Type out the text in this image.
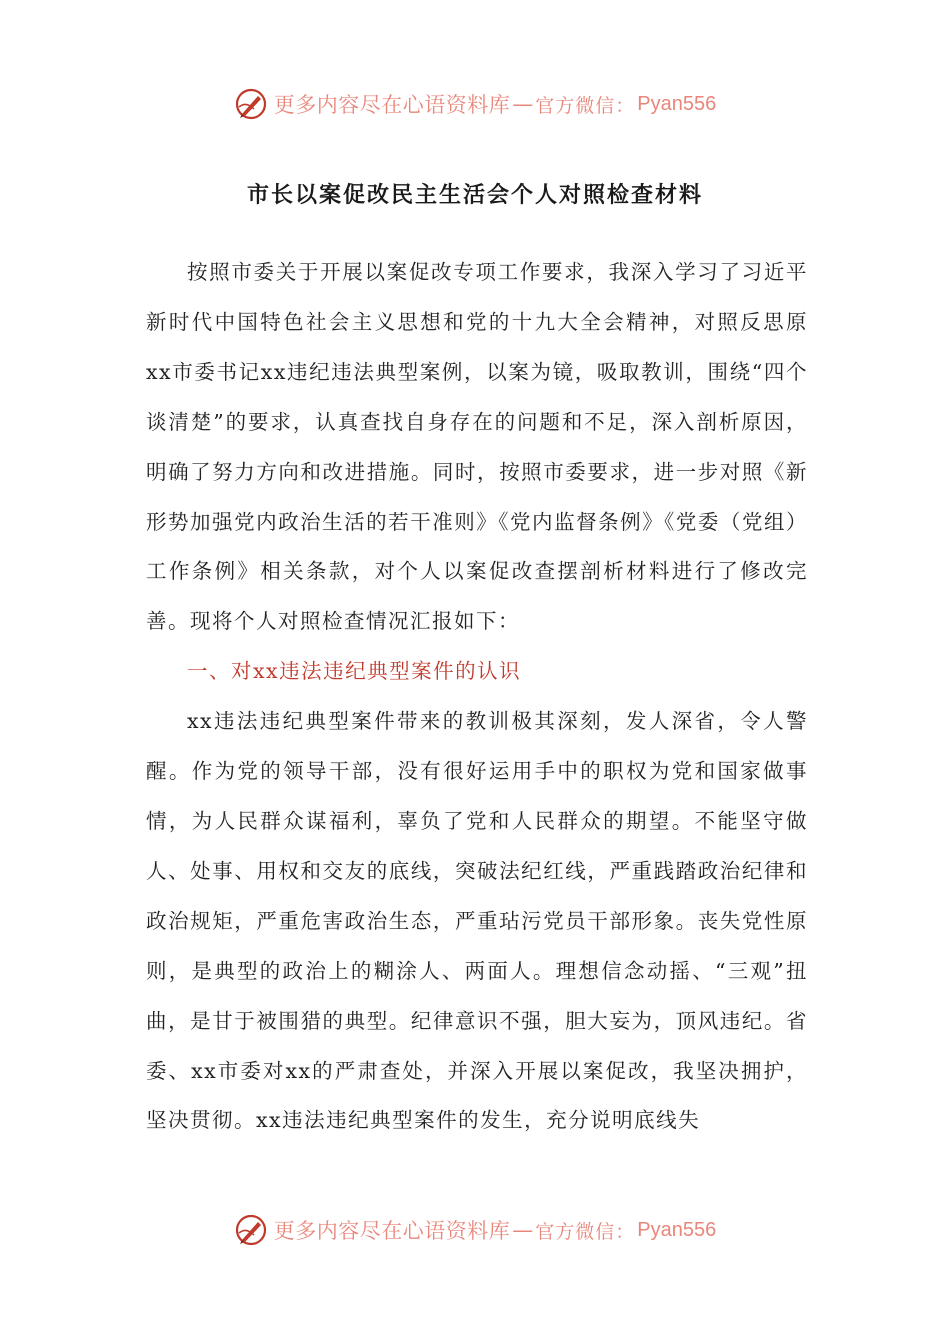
更多内容尽在心语资料库 — 官方微信： Pyan556
市长以案促改民主生活会个人对照检查材料

按照市委关于开展以案促改专项工作要求，我深入学习了习近平新时代中国特色社会主义思想和党的十九大全会精神，对照反思原xx市委书记xx违纪违法典型案例，以案为镜，吸取教训，围绕“四个谈清楚”的要求，认真查找自身存在的问题和不足，深入剖析原因，明确了努力方向和改进措施。同时，按照市委要求，进一步对照《新形势加强党内政治生活的若干准则》《党内监督条例》《党委（党组）工作条例》相关条款，对个人以案促改查摆剖析材料进行了修改完善。现将个人对照检查情况汇报如下：

一、对xx违法违纪典型案件的认识

xx违法违纪典型案件带来的教训极其深刻，发人深省，令人警醒。作为党的领导干部，没有很好运用手中的职权为党和国家做事情，为人民群众谋福利，辜负了党和人民群众的期望。不能坚守做人、处事、用权和交友的底线，突破法纪红线，严重践踏政治纪律和政治规矩，严重危害政治生态，严重玷污党员干部形象。丧失党性原则，是典型的政治上的糊涂人、两面人。理想信念动摇、“三观”扭曲，是甘于被围猎的典型。纪律意识不强，胆大妄为，顶风违纪。省委、xx市委对xx的严肃查处，并深入开展以案促改，我坚决拥护，坚决贯彻。xx违法违纪典型案件的发生，充分说明底线失

更多内容尽在心语资料库 — 官方微信： Pyan556
